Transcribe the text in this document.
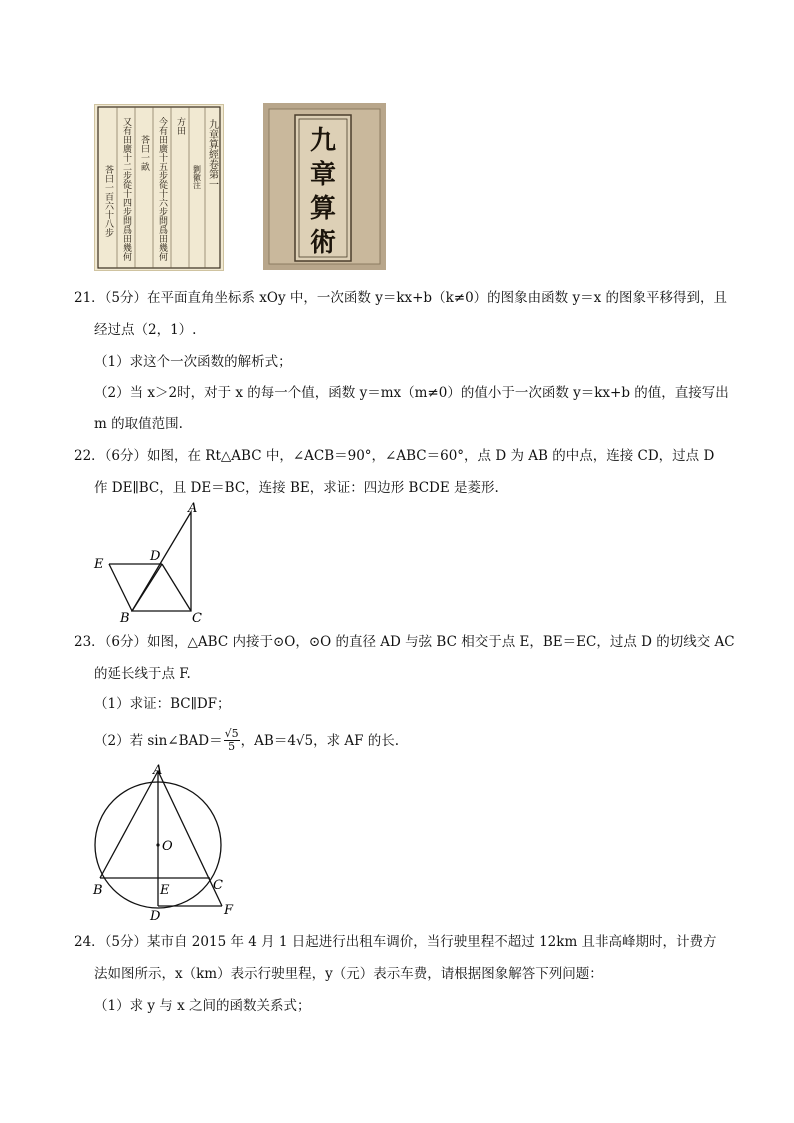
九章算經卷第一
劉徽注
方田
今有田廣十五步從十六步問爲田幾何
荅曰一畝
又有田廣十二步從十四步問爲田幾何
荅曰一百六十八步
九
章
算
術
21．（5分）在平面直角坐标系 xOy 中，一次函数 y＝kx+b（k≠0）的图象由函数 y＝x 的图象平移得到，且
经过点（2，1）.
（1）求这个一次函数的解析式；
（2）当 x＞2时，对于 x 的每一个值，函数 y＝mx（m≠0）的值小于一次函数 y＝kx+b 的值，直接写出
m 的取值范围.
22．（6分）如图，在 Rt△ABC 中，∠ACB＝90°，∠ABC＝60°，点 D 为 AB 的中点，连接 CD，过点 D
作 DE∥BC，且 DE＝BC，连接 BE，求证：四边形 BCDE 是菱形.
A
B	C
D
E
23．（6分）如图，△ABC 内接于⊙O，⊙O 的直径 AD 与弦 BC 相交于点 E，BE＝EC，过点 D 的切线交 AC
的延长线于点 F.
（1）求证：BC∥DF；
（2）若 sin∠BAD＝ $\frac{√5}{5}$ ，AB＝4√5，求 AF 的长.
A
B	C
D
E
F
O
24．（5分）某市自 2015 年 4 月 1 日起进行出租车调价，当行驶里程不超过 12km 且非高峰期时，计费方
法如图所示，x（km）表示行驶里程，y（元）表示车费，请根据图象解答下列问题：
（1）求 y 与 x 之间的函数关系式；
